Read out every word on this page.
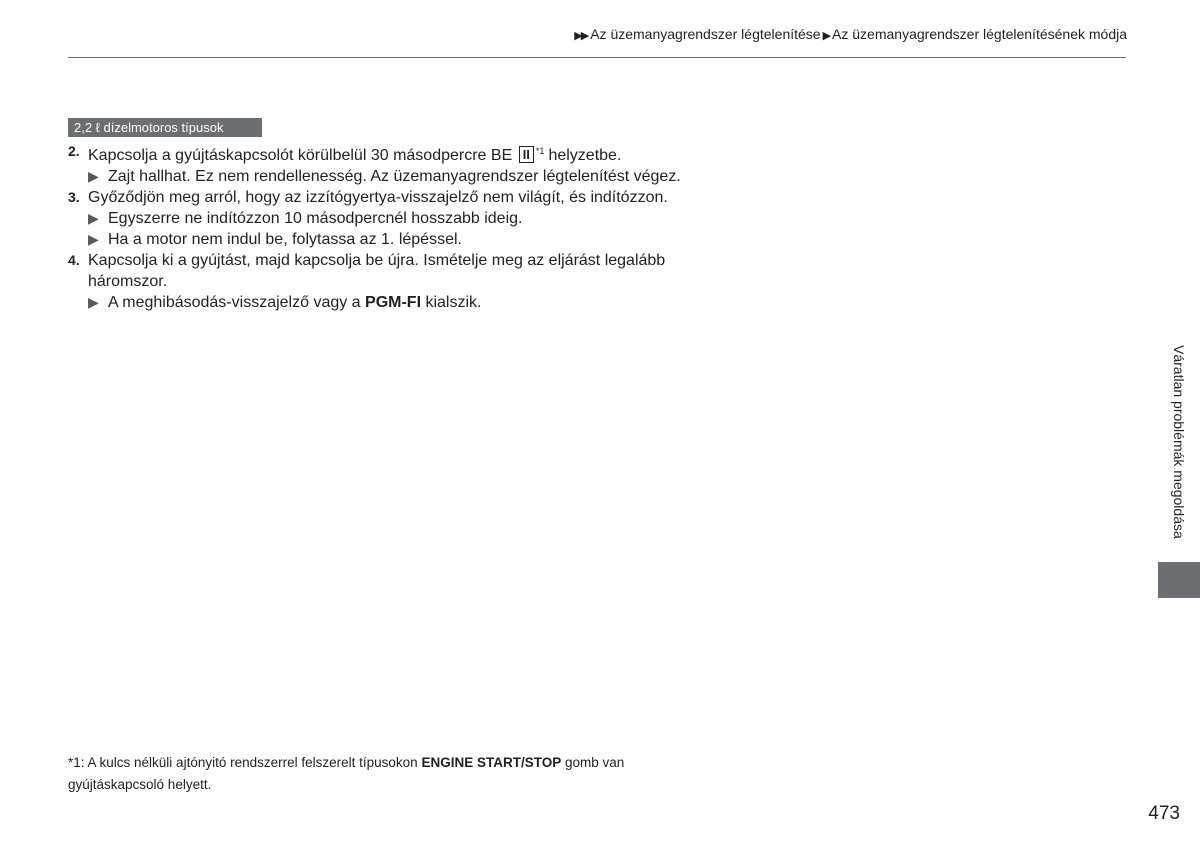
▶▶ Az üzemanyagrendszer légtelenítése ▶ Az üzemanyagrendszer légtelenítésének módja
2,2 ℓ dízelmotoros típusok
2. Kapcsolja a gyújtáskapcsolót körülbelül 30 másodpercre BE II $^{*1}$ helyzetbe.
▶ Zajt hallhat. Ez nem rendellenesség. Az üzemanyagrendszer légtelenítést végez.
3. Győződjön meg arról, hogy az izzítógyertya-visszajelző nem világít, és indítózzon.
▶ Egyszerre ne indítózzon 10 másodpercnél hosszabb ideig.
▶ Ha a motor nem indul be, folytassa az 1. lépéssel.
4. Kapcsolja ki a gyújtást, majd kapcsolja be újra. Ismételje meg az eljárást legalább háromszor.
▶ A meghibásodás-visszajelző vagy a PGM-FI kialszik.
*1: A kulcs nélküli ajtónyitó rendszerrel felszerelt típusokon ENGINE START/STOP gomb van gyújtáskapcsoló helyett.
Váratlan problémák megoldása
473
